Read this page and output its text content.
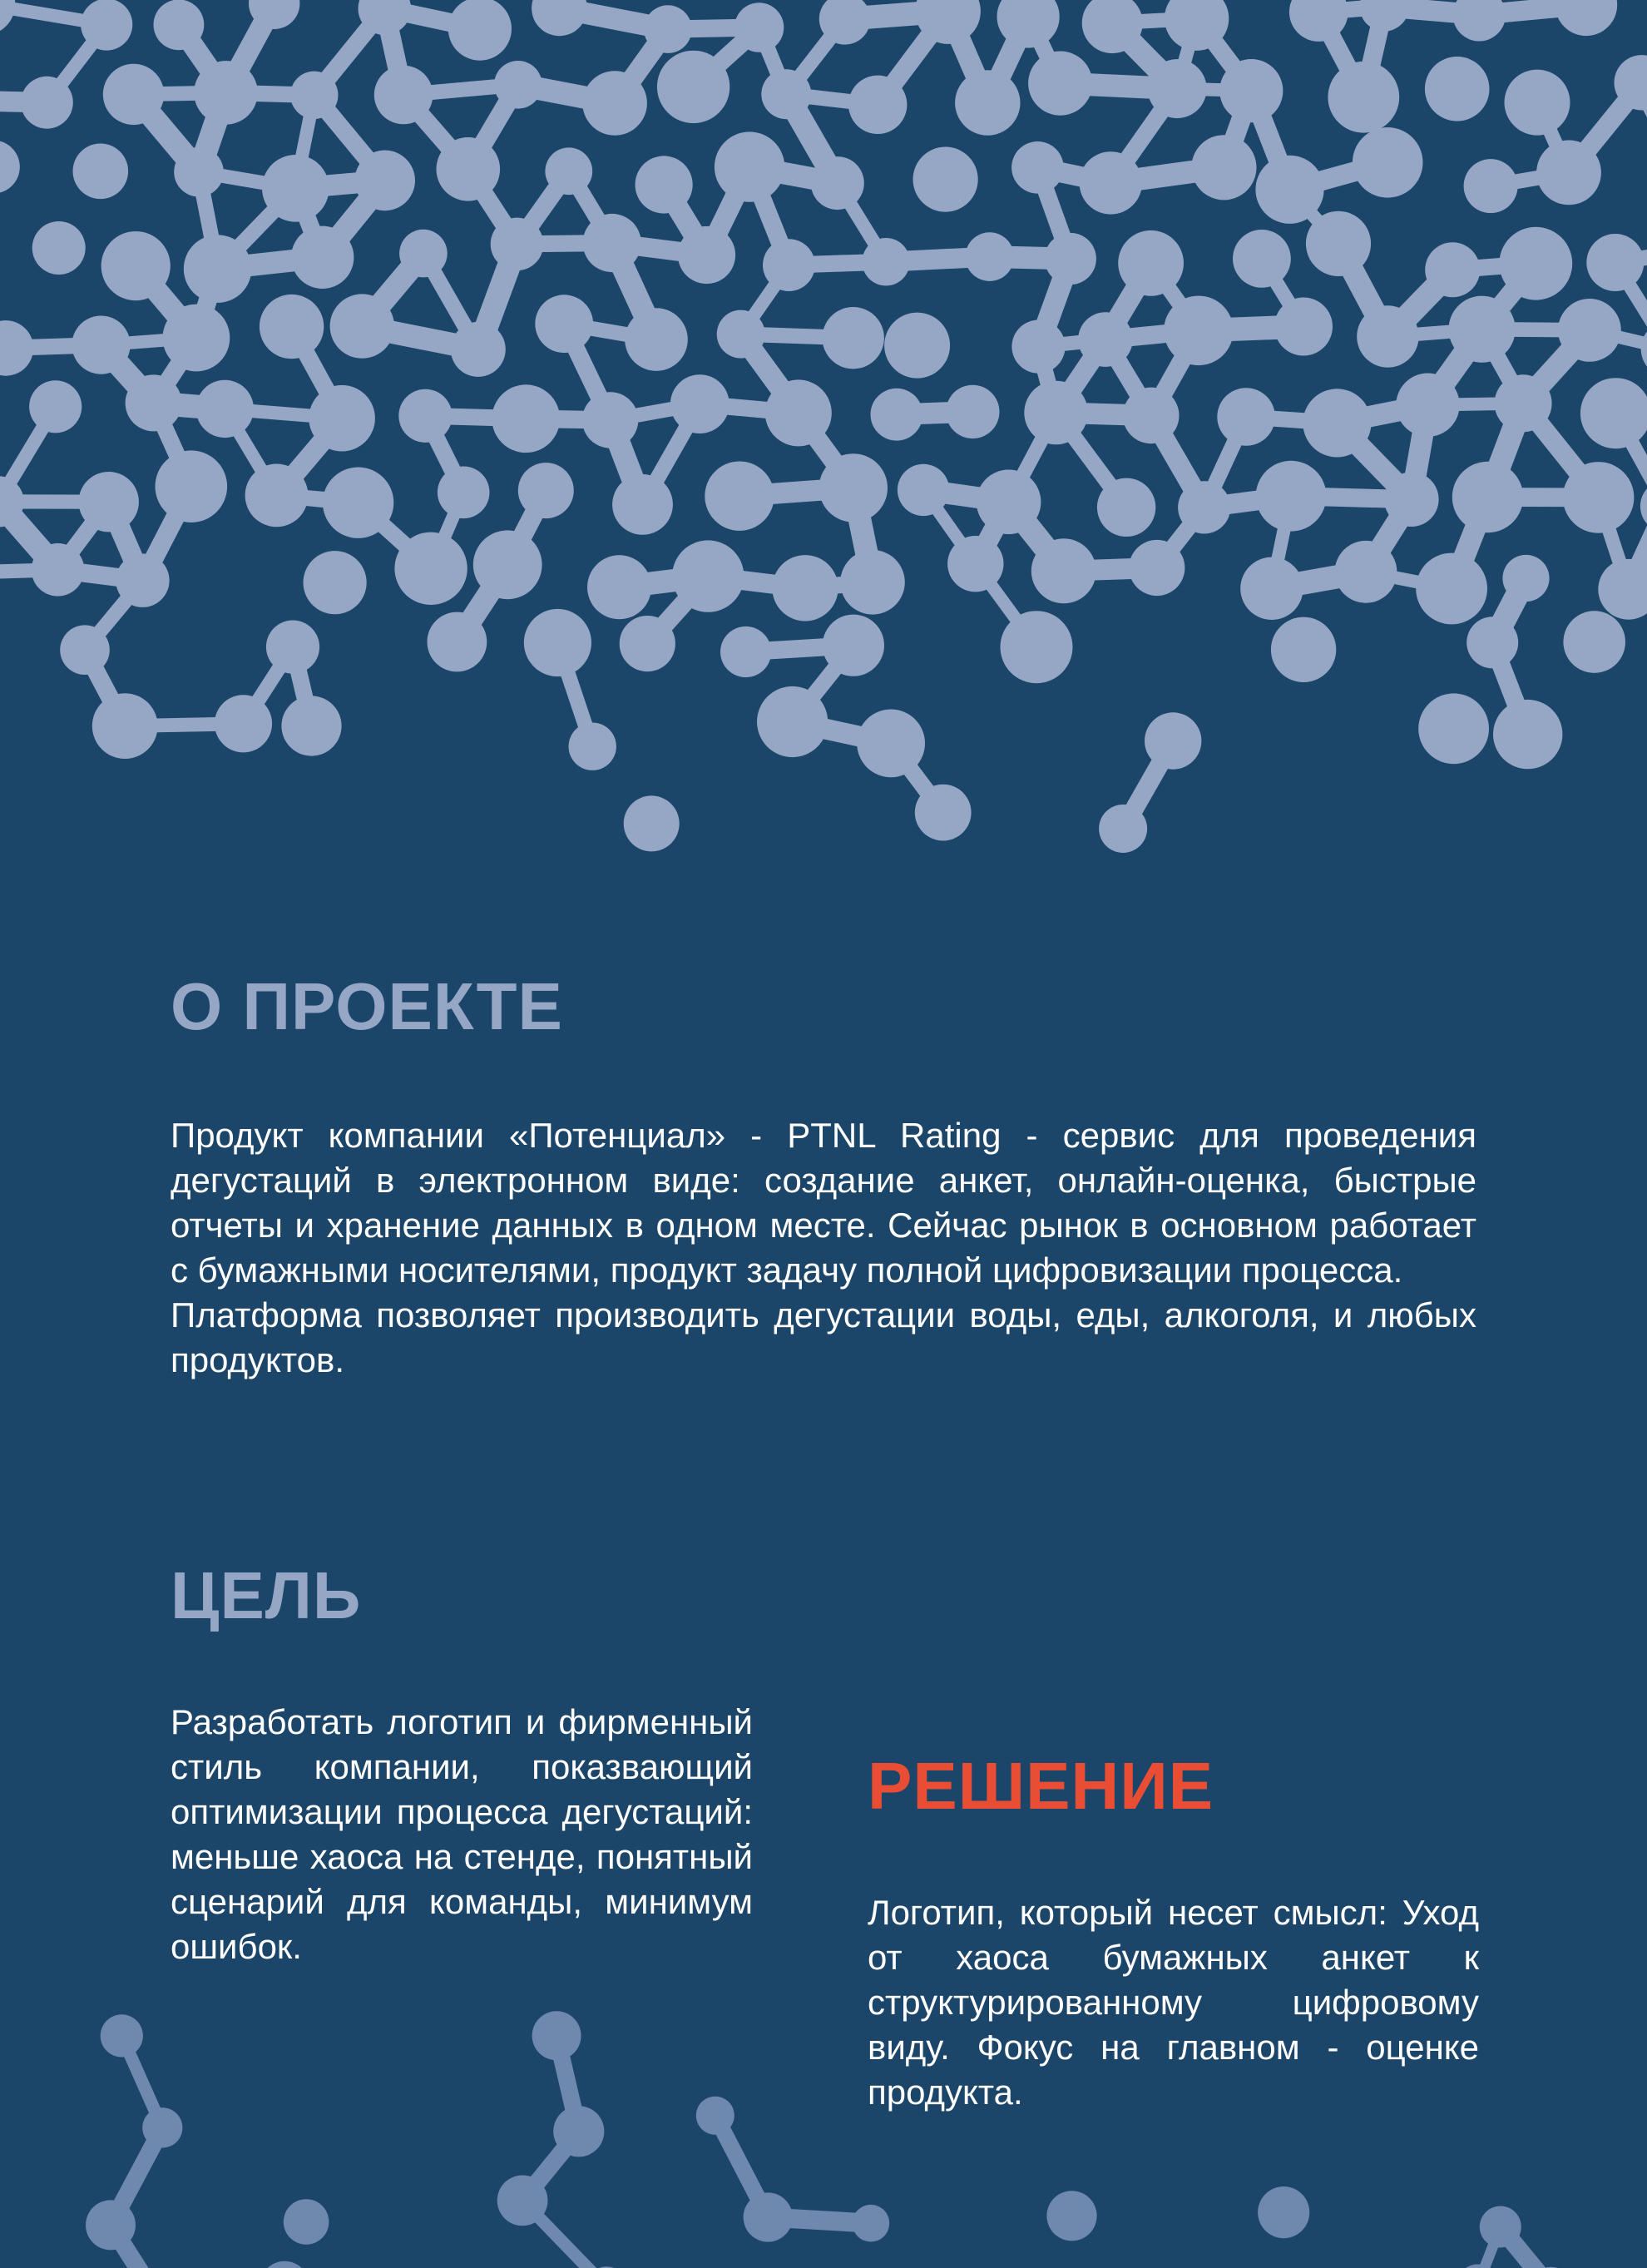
О ПРОЕКТЕ

Продукт компании «Потенциал» - PTNL Rating - сервис для проведения дегустаций в электронном виде: создание анкет, онлайн-оценка, быстрые отчеты и хранение данных в одном месте. Сейчас рынок в основном работает с бумажными носителями, продукт задачу полной цифровизации процесса.

Платформа позволяет производить дегустации воды, еды, алкоголя, и любых продуктов.

ЦЕЛЬ

Разработать логотип и фирменный стиль компании, показвающий оптимизации процесса дегустаций: меньше хаоса на стенде, понятный сценарий для команды, минимум ошибок.

РЕШЕНИЕ

Логотип, который несет смысл: Уход от хаоса бумажных анкет к структурированному цифровому виду. Фокус на главном - оценке продукта.
